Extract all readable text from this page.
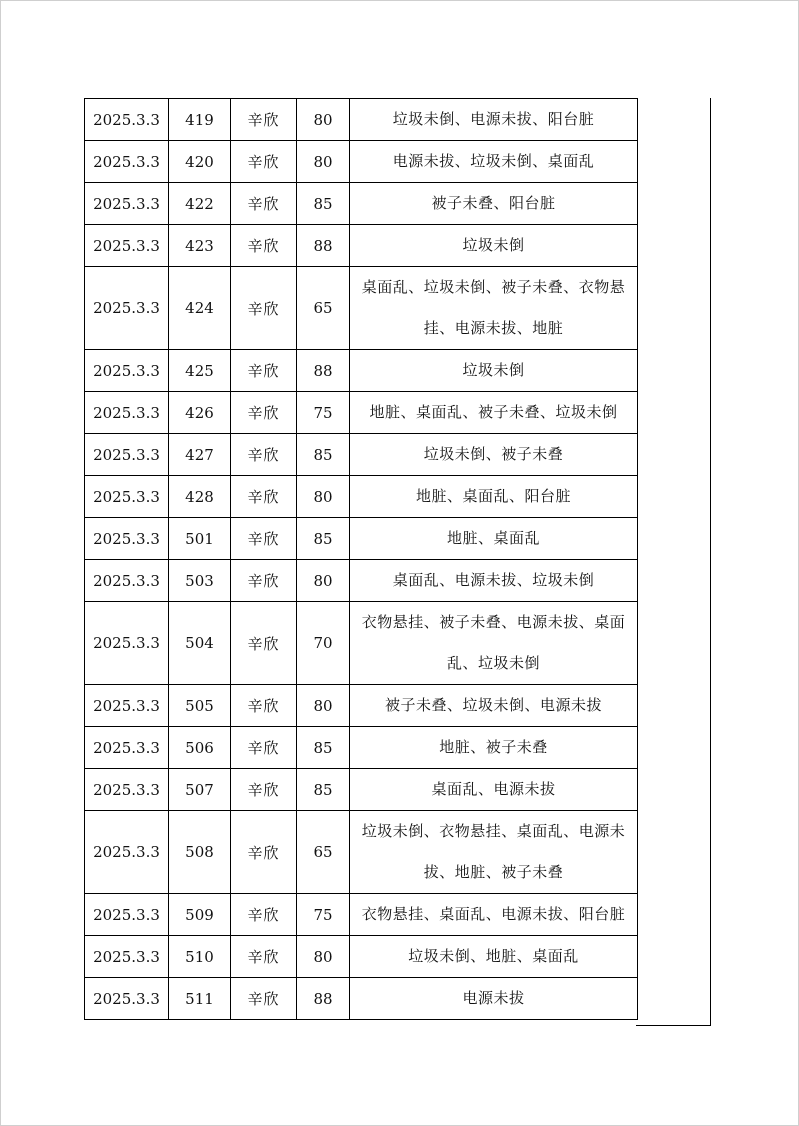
2025.3.3	419	辛欣	80	垃圾未倒、电源未拔、阳台脏
2025.3.3	420	辛欣	80	电源未拔、垃圾未倒、桌面乱
2025.3.3	422	辛欣	85	被子未叠、阳台脏
2025.3.3	423	辛欣	88	垃圾未倒
2025.3.3	424	辛欣	65	桌面乱、垃圾未倒、被子未叠、衣物悬挂、电源未拔、地脏
2025.3.3	425	辛欣	88	垃圾未倒
2025.3.3	426	辛欣	75	地脏、桌面乱、被子未叠、垃圾未倒
2025.3.3	427	辛欣	85	垃圾未倒、被子未叠
2025.3.3	428	辛欣	80	地脏、桌面乱、阳台脏
2025.3.3	501	辛欣	85	地脏、桌面乱
2025.3.3	503	辛欣	80	桌面乱、电源未拔、垃圾未倒
2025.3.3	504	辛欣	70	衣物悬挂、被子未叠、电源未拔、桌面乱、垃圾未倒
2025.3.3	505	辛欣	80	被子未叠、垃圾未倒、电源未拔
2025.3.3	506	辛欣	85	地脏、被子未叠
2025.3.3	507	辛欣	85	桌面乱、电源未拔
2025.3.3	508	辛欣	65	垃圾未倒、衣物悬挂、桌面乱、电源未拔、地脏、被子未叠
2025.3.3	509	辛欣	75	衣物悬挂、桌面乱、电源未拔、阳台脏
2025.3.3	510	辛欣	80	垃圾未倒、地脏、桌面乱
2025.3.3	511	辛欣	88	电源未拔
